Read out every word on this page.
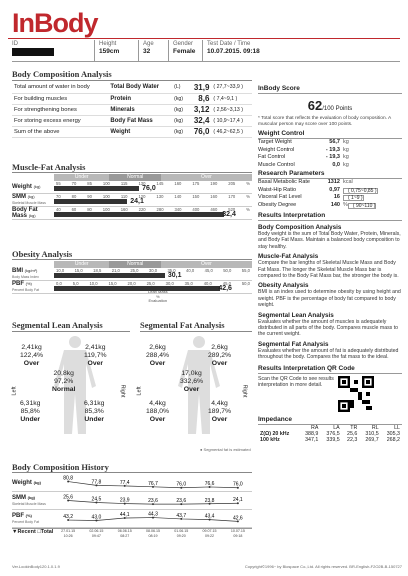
InBody
ID	Height
159cm
Age
32
Gender
Female
Test Date / Time
10.07.2015. 09:18
Body Composition Analysis
Total amount of water in body	Total Body Water	(L)	31,9	( 27,7~33,9 )
For building muscles	Protein	(kg)	8,6	( 7,4~9,1 )
For strengthening bones	Minerals	(kg)	3,12	( 2,56~3,13 )
For storing excess energy	Body Fat Mass	(kg)	32,4	( 10,9~17,4 )
Sum of the above	Weight	(kg)	76,0	( 46,2~62,5 )
Muscle-Fat Analysis
Under	Normal	Over
Weight (kg)
55	70	85	100	115	130	145	160	175	190	205	%
76,0
SMM (kg)
Skeletal Muscle Mass
70	80	90	100	110	120	130	140	150	160	170	%
24,1
Body Fat Mass (kg)
40	60	80	100	160	220	280	340	400	460	520	%
32,4
Obesity Analysis
Under	Normal	Over
BMI (kg/m²)
Body Mass Index
10,0 15,0 18,5 21,0 25,0 30,0 35,0 40,0 45,0 50,0 55,0
30,1
PBF (%)
Percent Body Fat
0,0	5,0	10,0	15,0	20,0	25,0	30,0	35,0	40,0	45,0	50,0
42,6
Lean Mass
%
Evaluation
Segmental Lean Analysis
2,41kg
122,4%
Over
2,41kg
119,7%
Over
20,8kg
97,2%
Normal
6,31kg
85,8%
Under
6,31kg
85,3%
Under
Left	Right
Segmental Fat Analysis
2,6kg
288,4%
Over
2,6kg
289,2%
Over
17,0kg
332,6%
Over
4,4kg
188,0%
Over
4,4kg
189,7%
Over
Left	Right
● Segmental fat is estimated
Body Composition History
Weight (kg)
80,8
77,8	77,4	76,7	76,0	76,6	76,0
SMM (kg)
Skeletal Muscle Mass
25,6	24,5	23,9	23,6	23,6	23,8	24,1
PBF (%)
Percent Body Fat
43,2	43,0	44,1	44,3	43,7	43,4	42,6
▼Recent □Total 27.01.15
10:26
02.06.15
09:47
06.06.15
08:27
08.06.15
08:19
01.06.15
09:20
09.07.15
09:22
10.07.15
09:18
InBody Score
62/100 Points
* Total score that reflects the evaluation of body composition. A muscular person may score over 100 points.
Weight Control
Target Weight	56,7 kg
Weight Control	- 19,3 kg
Fat Control	- 19,3 kg
Muscle Control	0,0 kg
Research Parameters
Basal Metabolic Rate	1312 kcal
Waist-Hip Ratio	0,97	( 0,75~0,85 )
Visceral Fat Level	16	( 1~9 )
Obesity Degree	140 %	( 90~110 )
Results Interpretation
Body Composition Analysis
Body weight is the sum of Total Body Water, Protein, Minerals, and Body Fat Mass. Maintain a balanced body composition to stay healthy.
Muscle-Fat Analysis
Compare the bar lengths of Skeletal Muscle Mass and Body Fat Mass. The longer the Skeletal Muscle Mass bar is compared to the Body Fat Mass bar, the stronger the body is.
Obesity Analysis
BMI is an index used to determine obesity by using height and weight. PBF is the percentage of body fat compared to body weight.
Segmental Lean Analysis
Evaluates whether the amount of muscles is adequately distributed in all parts of the body. Compares muscle mass to the current weight.
Segmental Fat Analysis
Evaluates whether the amount of fat is adequately distributed throughout the body. Compares the fat mass to the ideal.
Results Interpretation QR Code
Scan the QR Code to see results interpretation in more detail.
Impedance
	RA	LA	TR	RL	LL
Z(Ω) 20 kHz	388,9	376,5	25,6	310,5	305,3
100 kHz	347,1	339,5	22,3	269,7	268,2
Ver.LookinBody120.1.0.1.9	Copyright©1996~ by Biospace Co.,Ltd. All rights reserved. BR-English-F2O2B-B-150727
